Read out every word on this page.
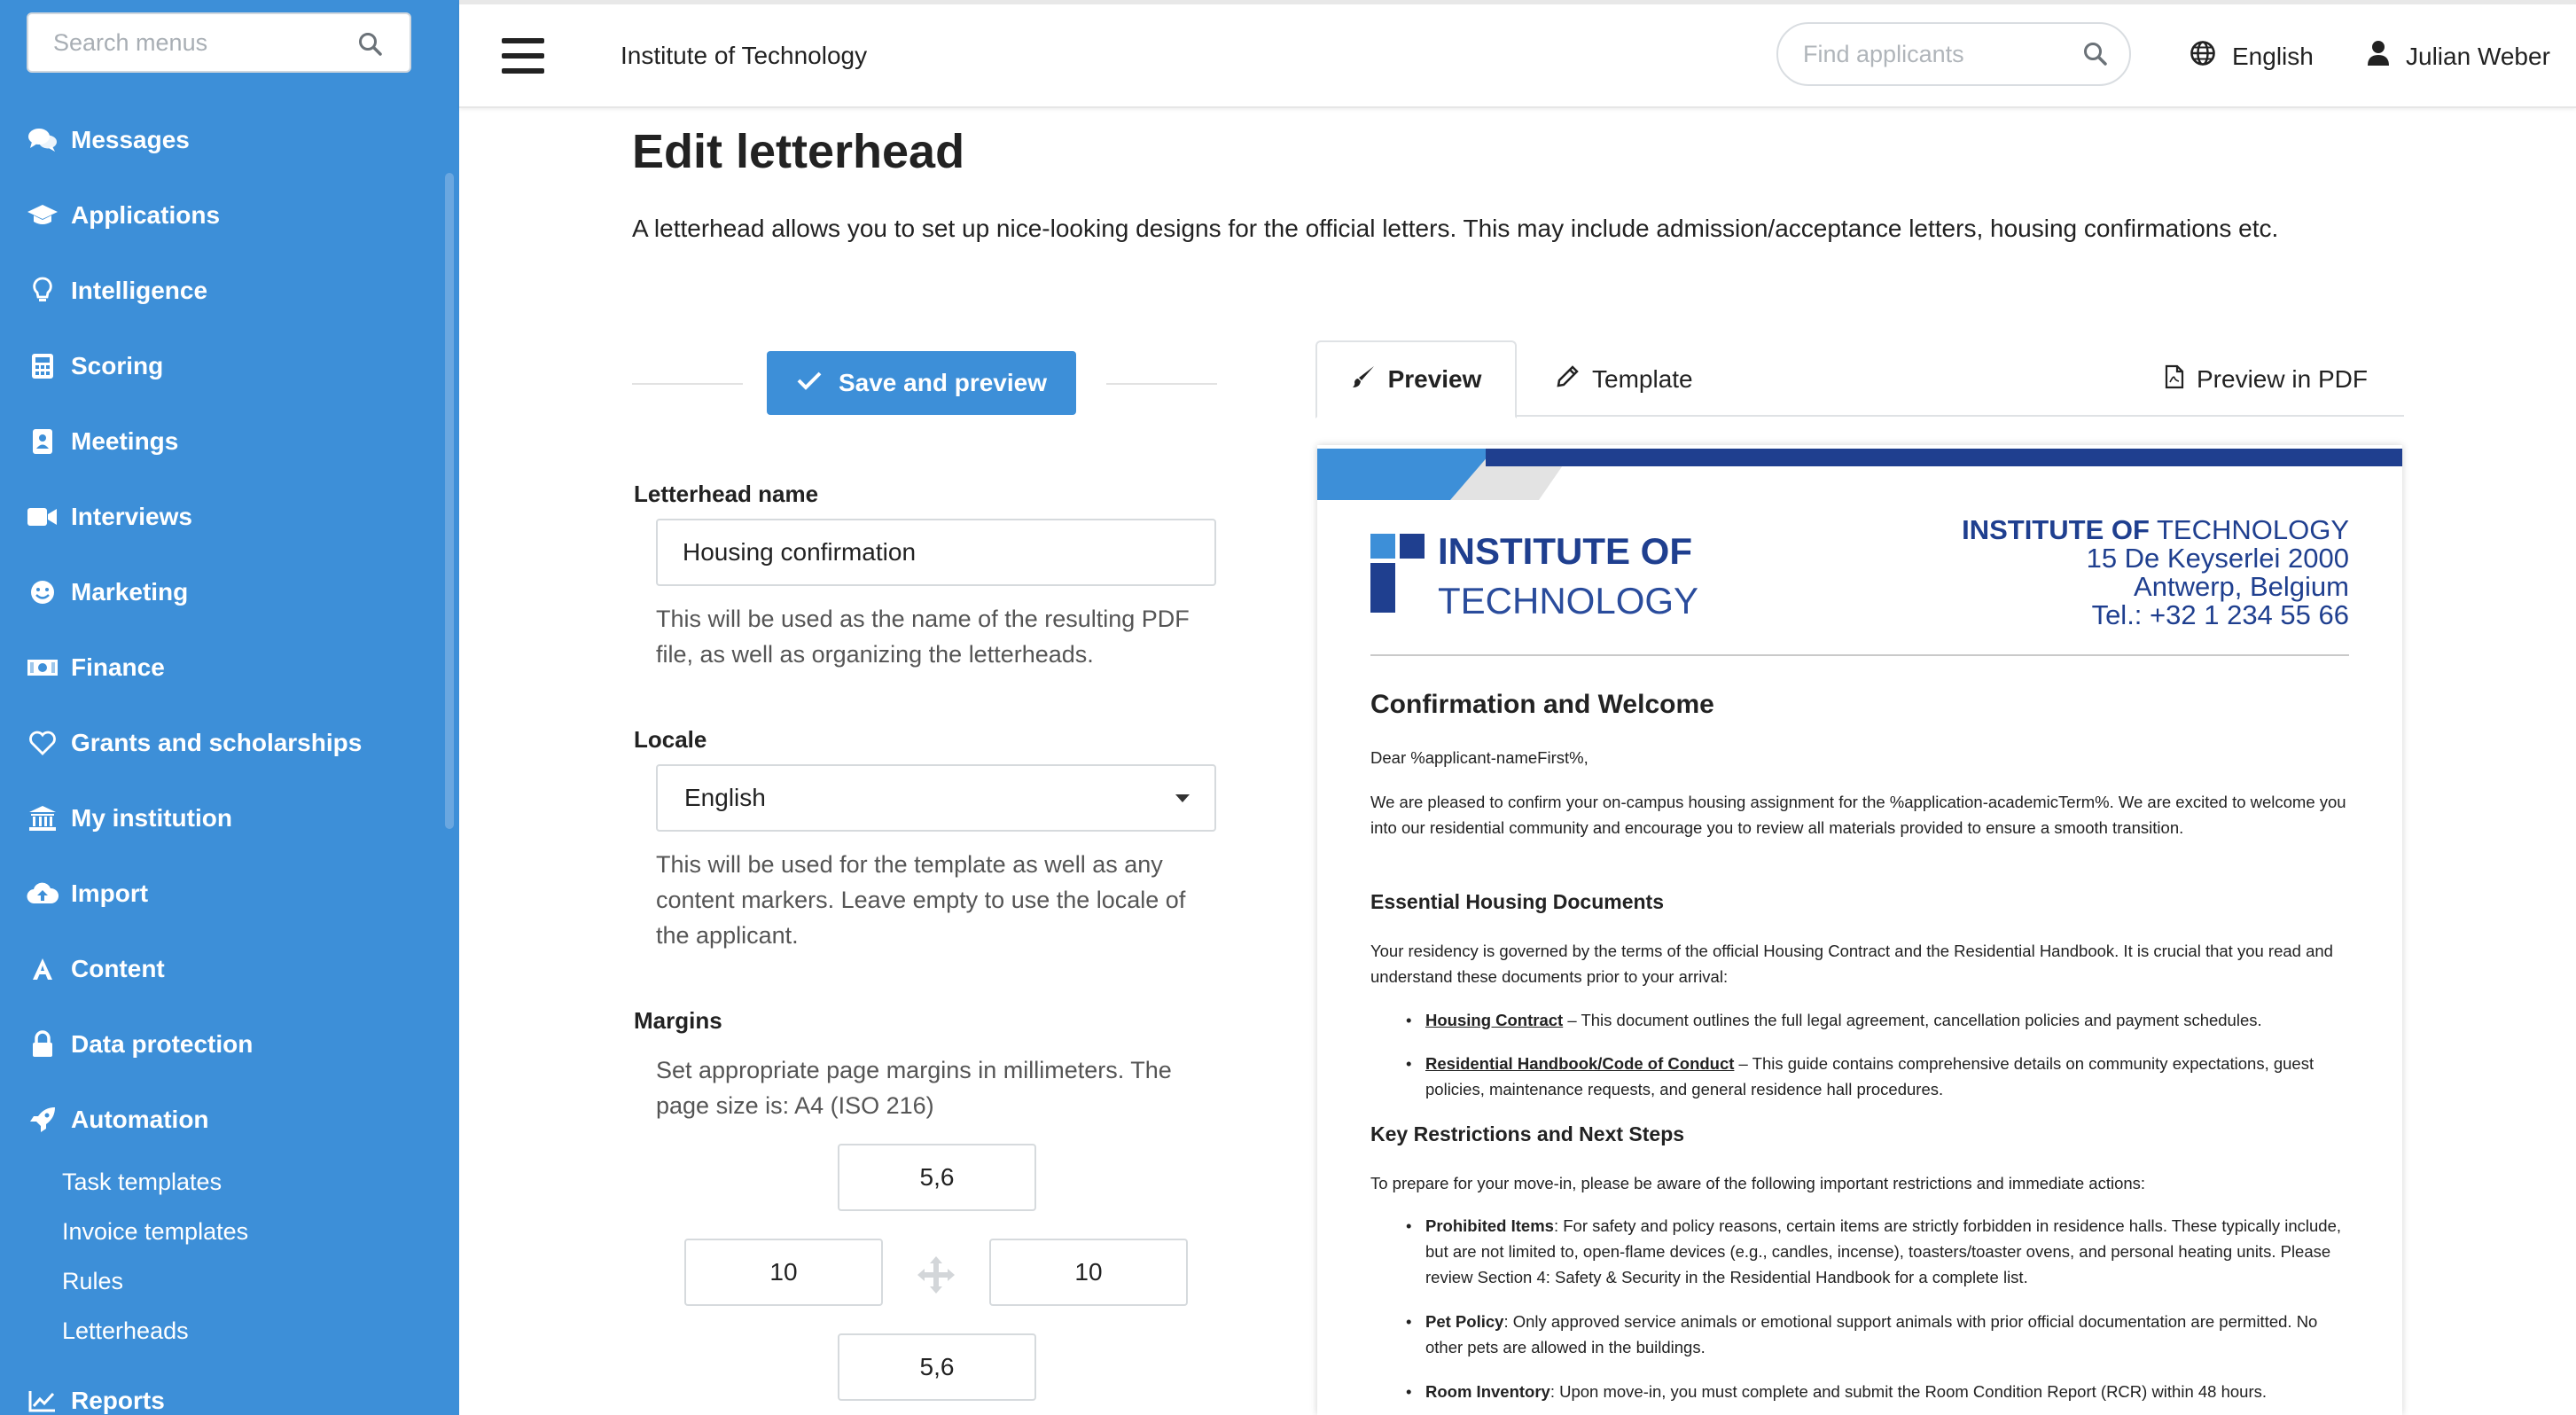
Search menus
Messages
Applications
Intelligence
Scoring
Meetings
Interviews
Marketing
Finance
Grants and scholarships
My institution
Import
Content
Data protection
Automation
Task templates
Invoice templates
Rules
Letterheads
Reports
Institute of Technology
Find applicants	English	Julian Weber
Edit letterhead

A letterhead allows you to set up nice-looking designs for the official letters. This may include admission/acceptance letters, housing confirmations etc.

Save and preview
Letterhead name
Housing confirmation

This will be used as the name of the resulting PDF file, as well as organizing the letterheads.

Locale
English

This will be used for the template as well as any content markers. Leave empty to use the locale of the applicant.

Margins

Set appropriate page margins in millimeters. The page size is: A4 (ISO 216)

5,6
10	10
5,6
Preview	Template	Preview in PDF
INSTITUTE OF
TECHNOLOGY
INSTITUTE OF TECHNOLOGY
15 De Keyserlei 2000
Antwerp, Belgium
Tel.: +32 1 234 55 66
Confirmation and Welcome
Dear %applicant-nameFirst%,
We are pleased to confirm your on-campus housing assignment for the %application-academicTerm%. We are excited to welcome you into our residential community and encourage you to review all materials provided to ensure a smooth transition.
Essential Housing Documents
Your residency is governed by the terms of the official Housing Contract and the Residential Handbook. It is crucial that you read and understand these documents prior to your arrival:
• Housing Contract – This document outlines the full legal agreement, cancellation policies and payment schedules.
• Residential Handbook/Code of Conduct – This guide contains comprehensive details on community expectations, guest policies, maintenance requests, and general residence hall procedures.
Key Restrictions and Next Steps
To prepare for your move-in, please be aware of the following important restrictions and immediate actions:
• Prohibited Items: For safety and policy reasons, certain items are strictly forbidden in residence halls. These typically include, but are not limited to, open-flame devices (e.g., candles, incense), toasters/toaster ovens, and personal heating units. Please review Section 4: Safety & Security in the Residential Handbook for a complete list.
• Pet Policy: Only approved service animals or emotional support animals with prior official documentation are permitted. No other pets are allowed in the buildings.
• Room Inventory: Upon move-in, you must complete and submit the Room Condition Report (RCR) within 48 hours.
